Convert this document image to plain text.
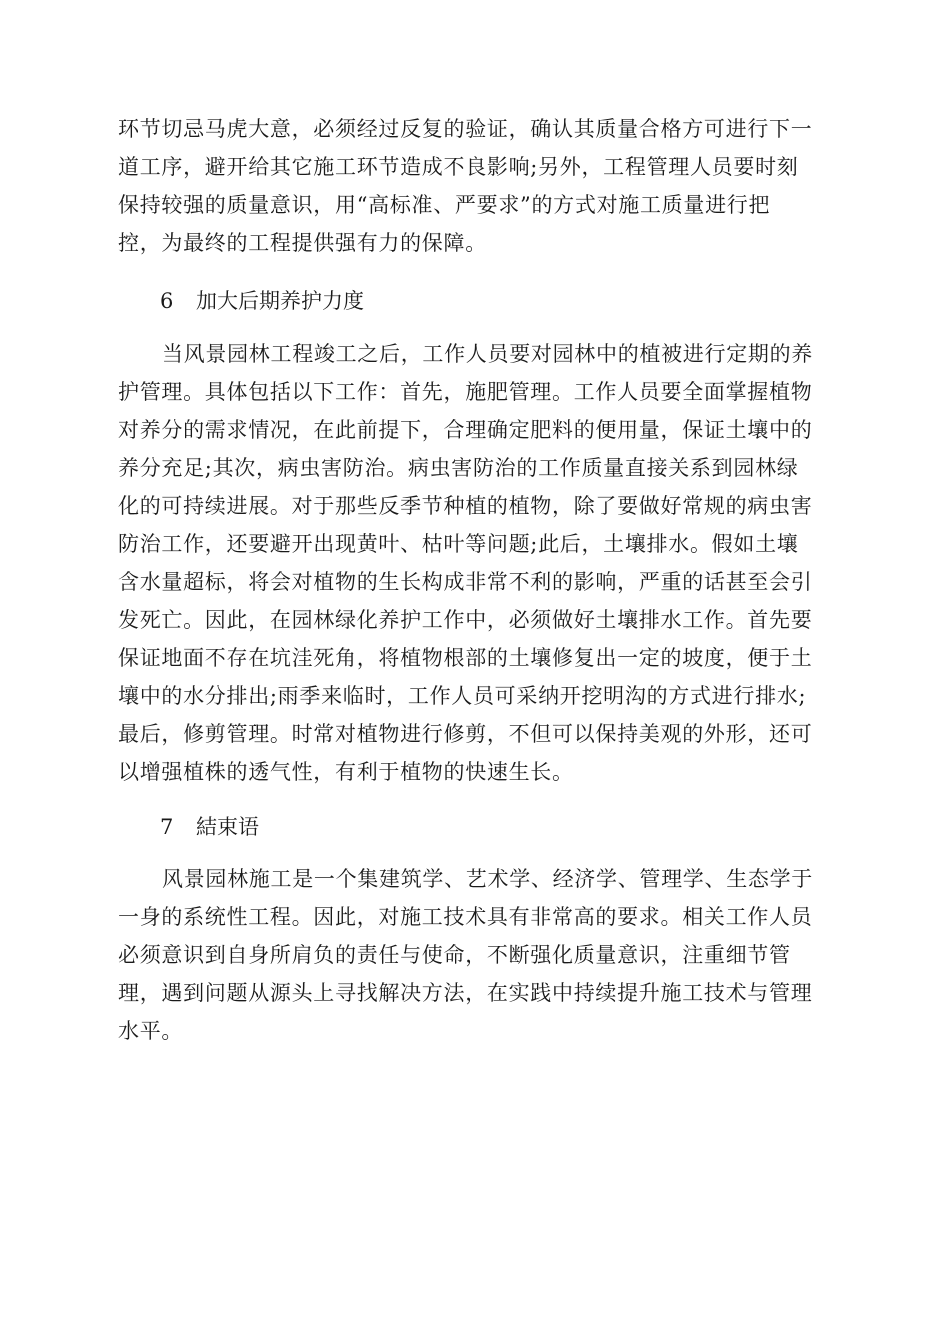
环节切忌马虎大意，必须经过反复的验证，确认其质量合格方可进行下一
道工序，避开给其它施工环节造成不良影响;另外，工程管理人员要时刻
保持较强的质量意识，用“高标准、严要求”的方式对施工质量进行把
控，为最终的工程提供强有力的保障。
6 加大后期养护力度
当风景园林工程竣工之后，工作人员要对园林中的植被进行定期的养
护管理。具体包括以下工作：首先，施肥管理。工作人员要全面掌握植物
对养分的需求情况，在此前提下，合理确定肥料的便用量，保证土壤中的
养分充足;其次，病虫害防治。病虫害防治的工作质量直接关系到园林绿
化的可持续进展。对于那些反季节种植的植物，除了要做好常规的病虫害
防治工作，还要避开出现黄叶、枯叶等问题;此后，土壤排水。假如土壤
含水量超标，将会对植物的生长构成非常不利的影响，严重的话甚至会引
发死亡。因此，在园林绿化养护工作中，必须做好土壤排水工作。首先要
保证地面不存在坑洼死角，将植物根部的土壤修复出一定的坡度，便于土
壤中的水分排出;雨季来临时，工作人员可采纳开挖明沟的方式进行排水;
最后，修剪管理。时常对植物进行修剪，不但可以保持美观的外形，还可
以增强植株的透气性，有利于植物的快速生长。
7 結束语
风景园林施工是一个集建筑学、艺术学、经济学、管理学、生态学于
一身的系统性工程。因此，对施工技术具有非常高的要求。相关工作人员
必须意识到自身所肩负的责任与使命，不断强化质量意识，注重细节管
理，遇到问题从源头上寻找解决方法，在实践中持续提升施工技术与管理
水平。
